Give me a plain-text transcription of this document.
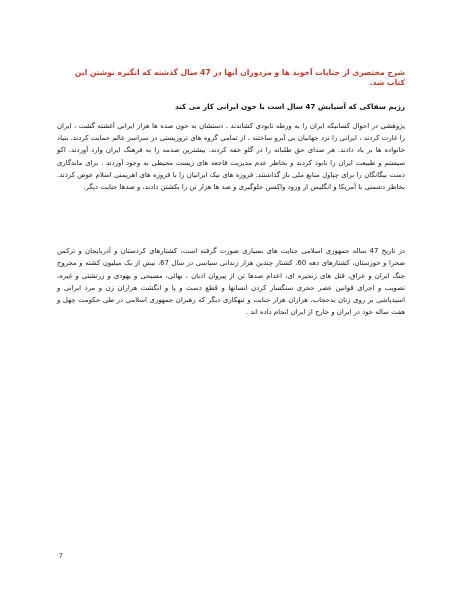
شرح مختصری از جنایات آخوند ها و مزدوران آنها در 47 سال گذشته که انگیزه نوشتن این کتاب شد.

رژیم سفاکی که آسیایش 47 سال است با خون ایرانی کار می کند

پژوهشی در احوال کسانیکه ایران را به ورطه نابودی کشاندند ، دستشان به خون صده ها هزار ایرانی آغشته گشت ، ایران را غارت کردند ، ایرانی را نزد جهانیان بی آبرو ساختند ، از تمامی گروه های تروریستی در سراسر عالم حمایت کردند. بنیاد خانواده ها بر باد دادند. هر صدای حق طلبانه را در گلو خفه کردند. بیشترین صدمه را به فرهنگ ایران وارد آوردند. اکو سیستم و طبیعت ایران را نابود کردند و بخاطر عدم مدیریت فاجعه های زیست محیطی به وجود آوردند . برای ماندگاری دست بیگانگان را برای چپاول منابع ملی باز گذاشتند. فروزه های نیک ایرانیان را با فروزه های اهریمنی اسلام عوض کردند. بخاطر دشمنی با آمریکا و انگلیس از ورود واکسن جلوگیری و صد ها هزار تن را بکشتن دادند، و صدها جنایت دیگر.

در تاریخ 47 ساله جمهوری اسلامی جنایت های بسیاری صورت گرفته است، کشتارهای کردستان و آذربایجان و ترکمن صحرا و خوزستان، کشتارهای دهه 60، کشتار چندین هزار زندانی سیاسی در سال 67، بیش از یک میلیون کشته و مجروح جنگ ایران و عراق، قتل های زنجیره ای، اعدام صدها تن از پیروان ادیان ، بهائی، مسیحی و یهودی و زرتشتی و غیره، تصویب و اجرای قوانین عصر حجری سنگسار کردن انسانها و قطع دست و پا و انگشت هزاران زن و مرد ایرانی و اسیدپاشی بر روی زنان بدحجاب، هزاران هزار جنایت و تبهکاری دیگر که رهبران جمهوری اسلامی در طی حکومت چهل و هفت ساله خود در ایران و خارج از ایران انجام داده اند .

7
